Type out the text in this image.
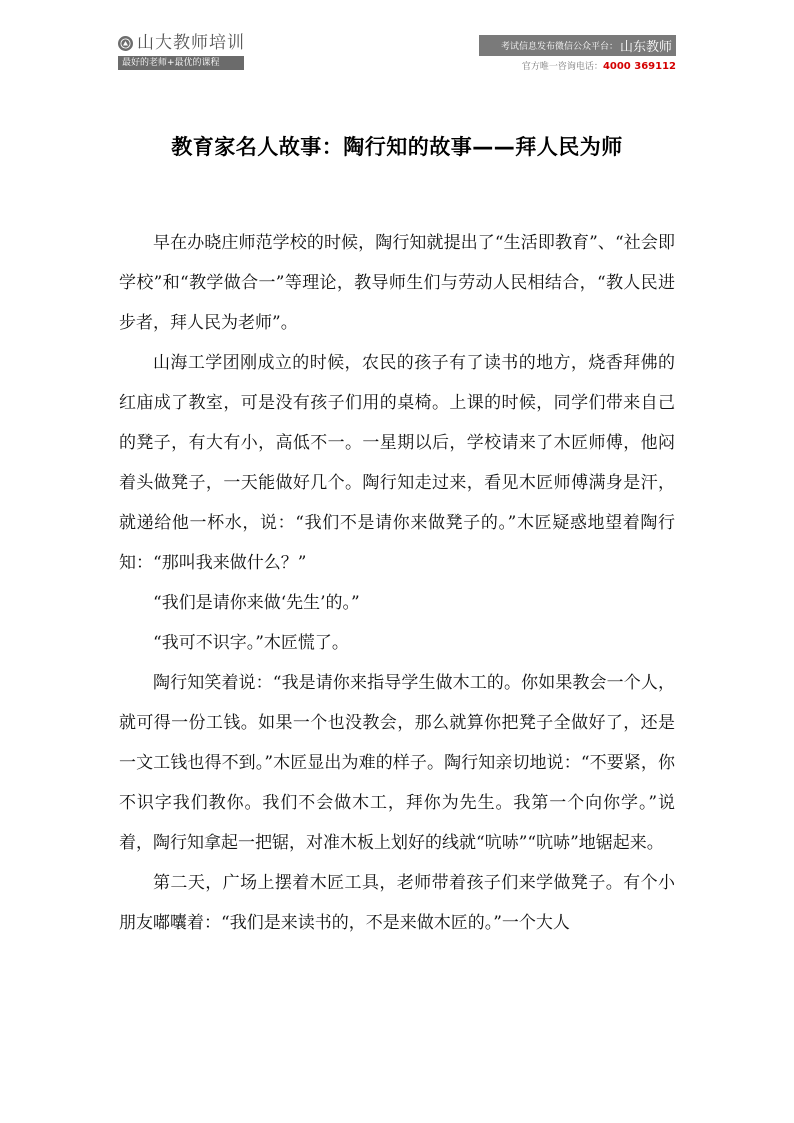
山大教师培训
最好的老师+最优的课程
考试信息发布微信公众平台： 山东教师
官方唯一咨询电话：4000 369112
教育家名人故事：陶行知的故事——拜人民为师

早在办晓庄师范学校的时候，陶行知就提出了“生活即教育”、“社会即学校”和“教学做合一”等理论，教导师生们与劳动人民相结合，“教人民进步者，拜人民为老师”。

山海工学团刚成立的时候，农民的孩子有了读书的地方，烧香拜佛的红庙成了教室，可是没有孩子们用的桌椅。上课的时候，同学们带来自己的凳子，有大有小，高低不一。一星期以后，学校请来了木匠师傅，他闷着头做凳子，一天能做好几个。陶行知走过来，看见木匠师傅满身是汗，就递给他一杯水，说：“我们不是请你来做凳子的。”木匠疑惑地望着陶行知：“那叫我来做什么？”

“我们是请你来做‘先生’的。”

“我可不识字。”木匠慌了。

陶行知笑着说：“我是请你来指导学生做木工的。你如果教会一个人，就可得一份工钱。如果一个也没教会，那么就算你把凳子全做好了，还是一文工钱也得不到。”木匠显出为难的样子。陶行知亲切地说：“不要紧，你不识字我们教你。我们不会做木工，拜你为先生。我第一个向你学。”说着，陶行知拿起一把锯，对准木板上划好的线就“吭哧”“吭哧”地锯起来。

第二天，广场上摆着木匠工具，老师带着孩子们来学做凳子。有个小朋友嘟囔着：“我们是来读书的，不是来做木匠的。”一个大人
